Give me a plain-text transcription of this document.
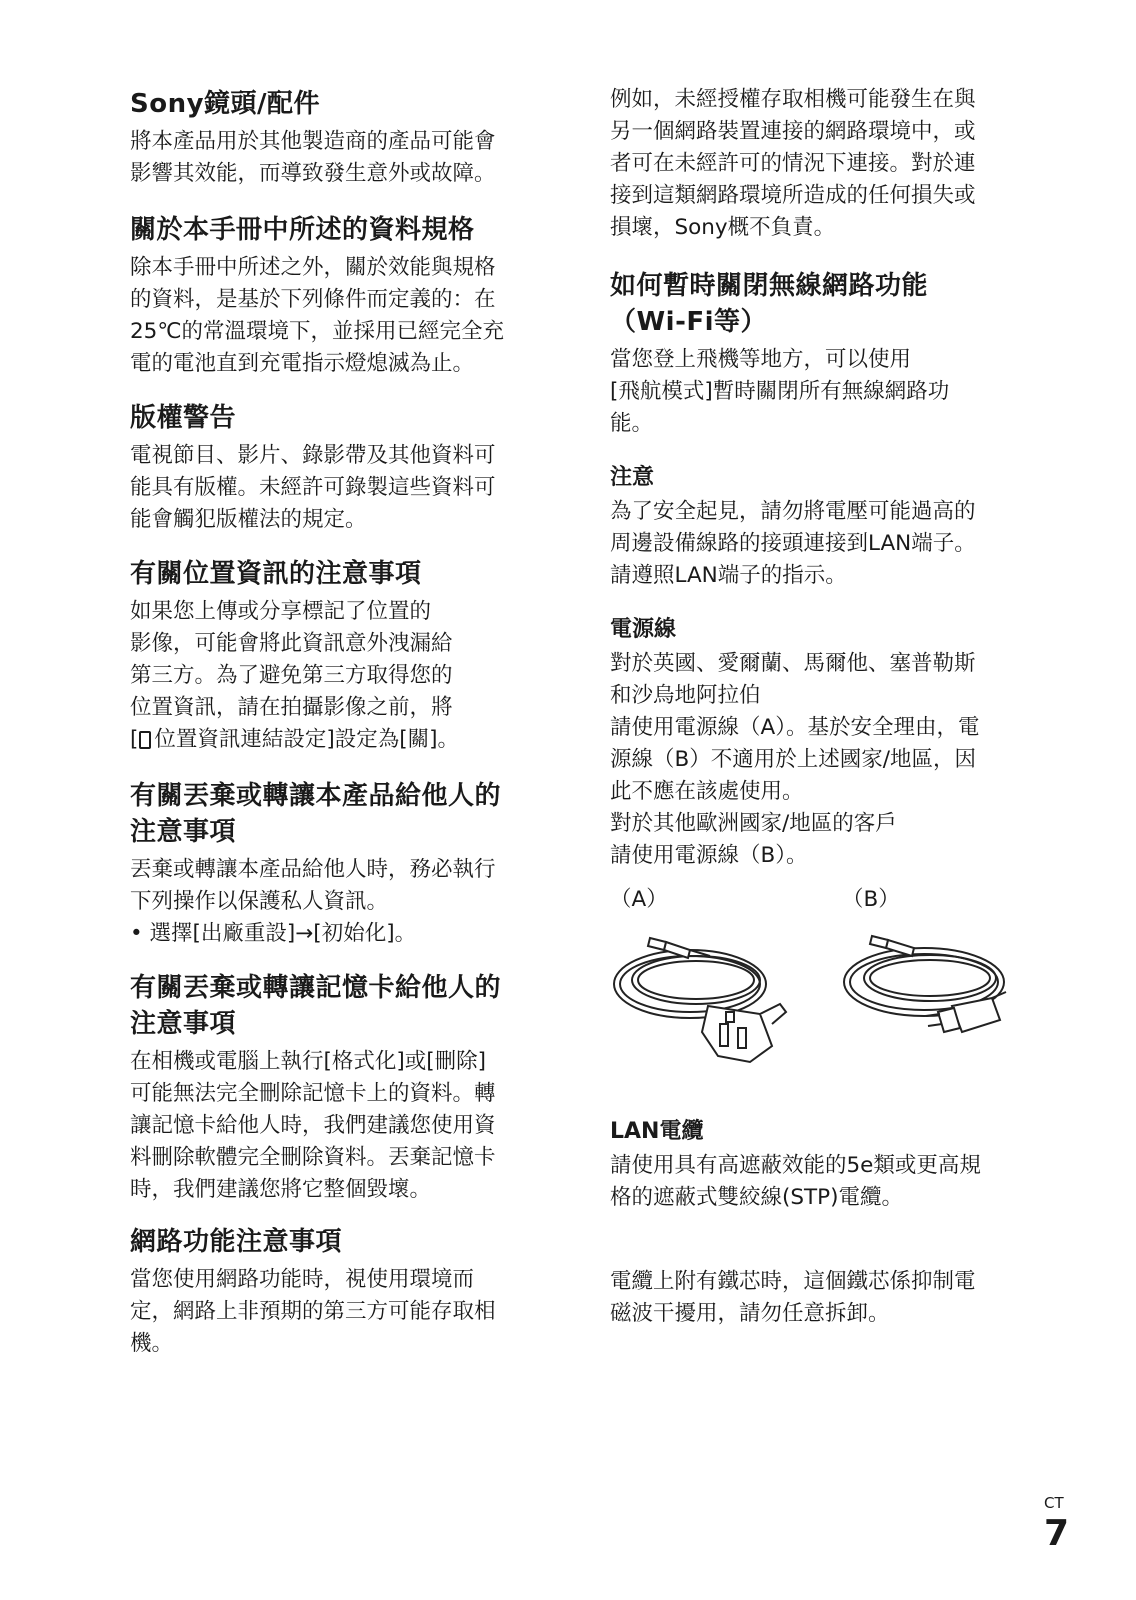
Sony鏡頭/配件

將本產品用於其他製造商的產品可能會
影響其效能，而導致發生意外或故障。

關於本手冊中所述的資料規格

除本手冊中所述之外，關於效能與規格
的資料，是基於下列條件而定義的：在
25℃的常溫環境下，並採用已經完全充
電的電池直到充電指示燈熄滅為止。

版權警告

電視節目、影片、錄影帶及其他資料可
能具有版權。未經許可錄製這些資料可
能會觸犯版權法的規定。

有關位置資訊的注意事項

如果您上傳或分享標記了位置的
影像，可能會將此資訊意外洩漏給
第三方。為了避免第三方取得您的
位置資訊，請在拍攝影像之前，將
[ 位置資訊連結設定]設定為[關]。

有關丟棄或轉讓本產品給他人的
注意事項

丟棄或轉讓本產品給他人時，務必執行
下列操作以保護私人資訊。
• 選擇[出廠重設]→[初始化]。

有關丟棄或轉讓記憶卡給他人的
注意事項

在相機或電腦上執行[格式化]或[刪除]
可能無法完全刪除記憶卡上的資料。轉
讓記憶卡給他人時，我們建議您使用資
料刪除軟體完全刪除資料。丟棄記憶卡
時，我們建議您將它整個毀壞。

網路功能注意事項

當您使用網路功能時，視使用環境而
定，網路上非預期的第三方可能存取相
機。

例如，未經授權存取相機可能發生在與
另一個網路裝置連接的網路環境中，或
者可在未經許可的情況下連接。對於連
接到這類網路環境所造成的任何損失或
損壞，Sony概不負責。

如何暫時關閉無線網路功能
（Wi-Fi等）

當您登上飛機等地方，可以使用
[飛航模式]暫時關閉所有無線網路功
能。

注意

為了安全起見，請勿將電壓可能過高的
周邊設備線路的接頭連接到LAN端子。
請遵照LAN端子的指示。

電源線

對於英國、愛爾蘭、馬爾他、塞普勒斯
和沙烏地阿拉伯
請使用電源線（A）。基於安全理由，電
源線（B）不適用於上述國家/地區，因
此不應在該處使用。
對於其他歐洲國家/地區的客戶
請使用電源線（B）。

（A）	（B）
LAN電纜

請使用具有高遮蔽效能的5e類或更高規
格的遮蔽式雙絞線(STP)電纜。

電纜上附有鐵芯時，這個鐵芯係抑制電
磁波干擾用，請勿任意拆卸。

CT
7
